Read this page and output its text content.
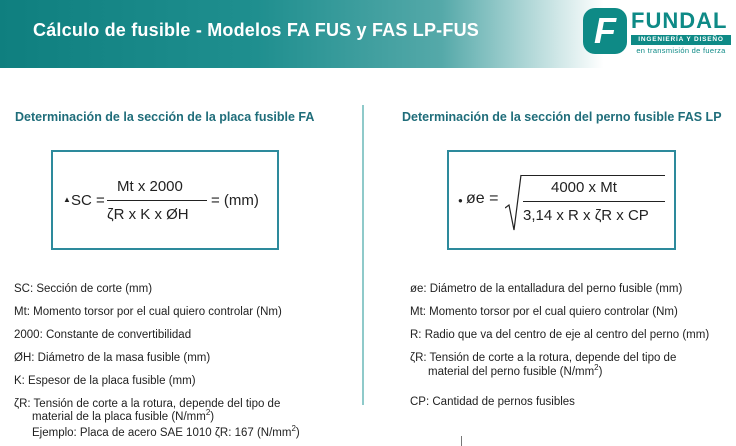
Cálculo de fusible - Modelos FA FUS y FAS LP-FUS	F FUNDAL
INGENIERÍA Y DISEÑO
en transmisión de fuerza
Determinación de la sección de la placa fusible FA
▲ SC =
Mt x 2000
ζR x K x ØH
= (mm)
SC: Sección de corte (mm)
Mt: Momento torsor por el cual quiero controlar (Nm)
2000: Constante de convertibilidad
ØH: Diámetro de la masa fusible (mm)
K: Espesor de la placa fusible (mm)
ζR: Tensión de corte a la rotura, depende del tipo de
material de la placa fusible $(N/mm^2)$
Ejemplo: Placa de acero SAE 1010 ζR: 167 $(N/mm^2)$
Determinación de la sección del perno fusible FAS LP
● øe =
4000 x Mt
3,14 x R x ζR x CP
øe: Diámetro de la entalladura del perno fusible (mm)
Mt: Momento torsor por el cual quiero controlar (Nm)
R: Radio que va del centro de eje al centro del perno (mm)
ζR: Tensión de corte a la rotura, depende del tipo de
material del perno fusible $(N/mm^2)$
CP: Cantidad de pernos fusibles
